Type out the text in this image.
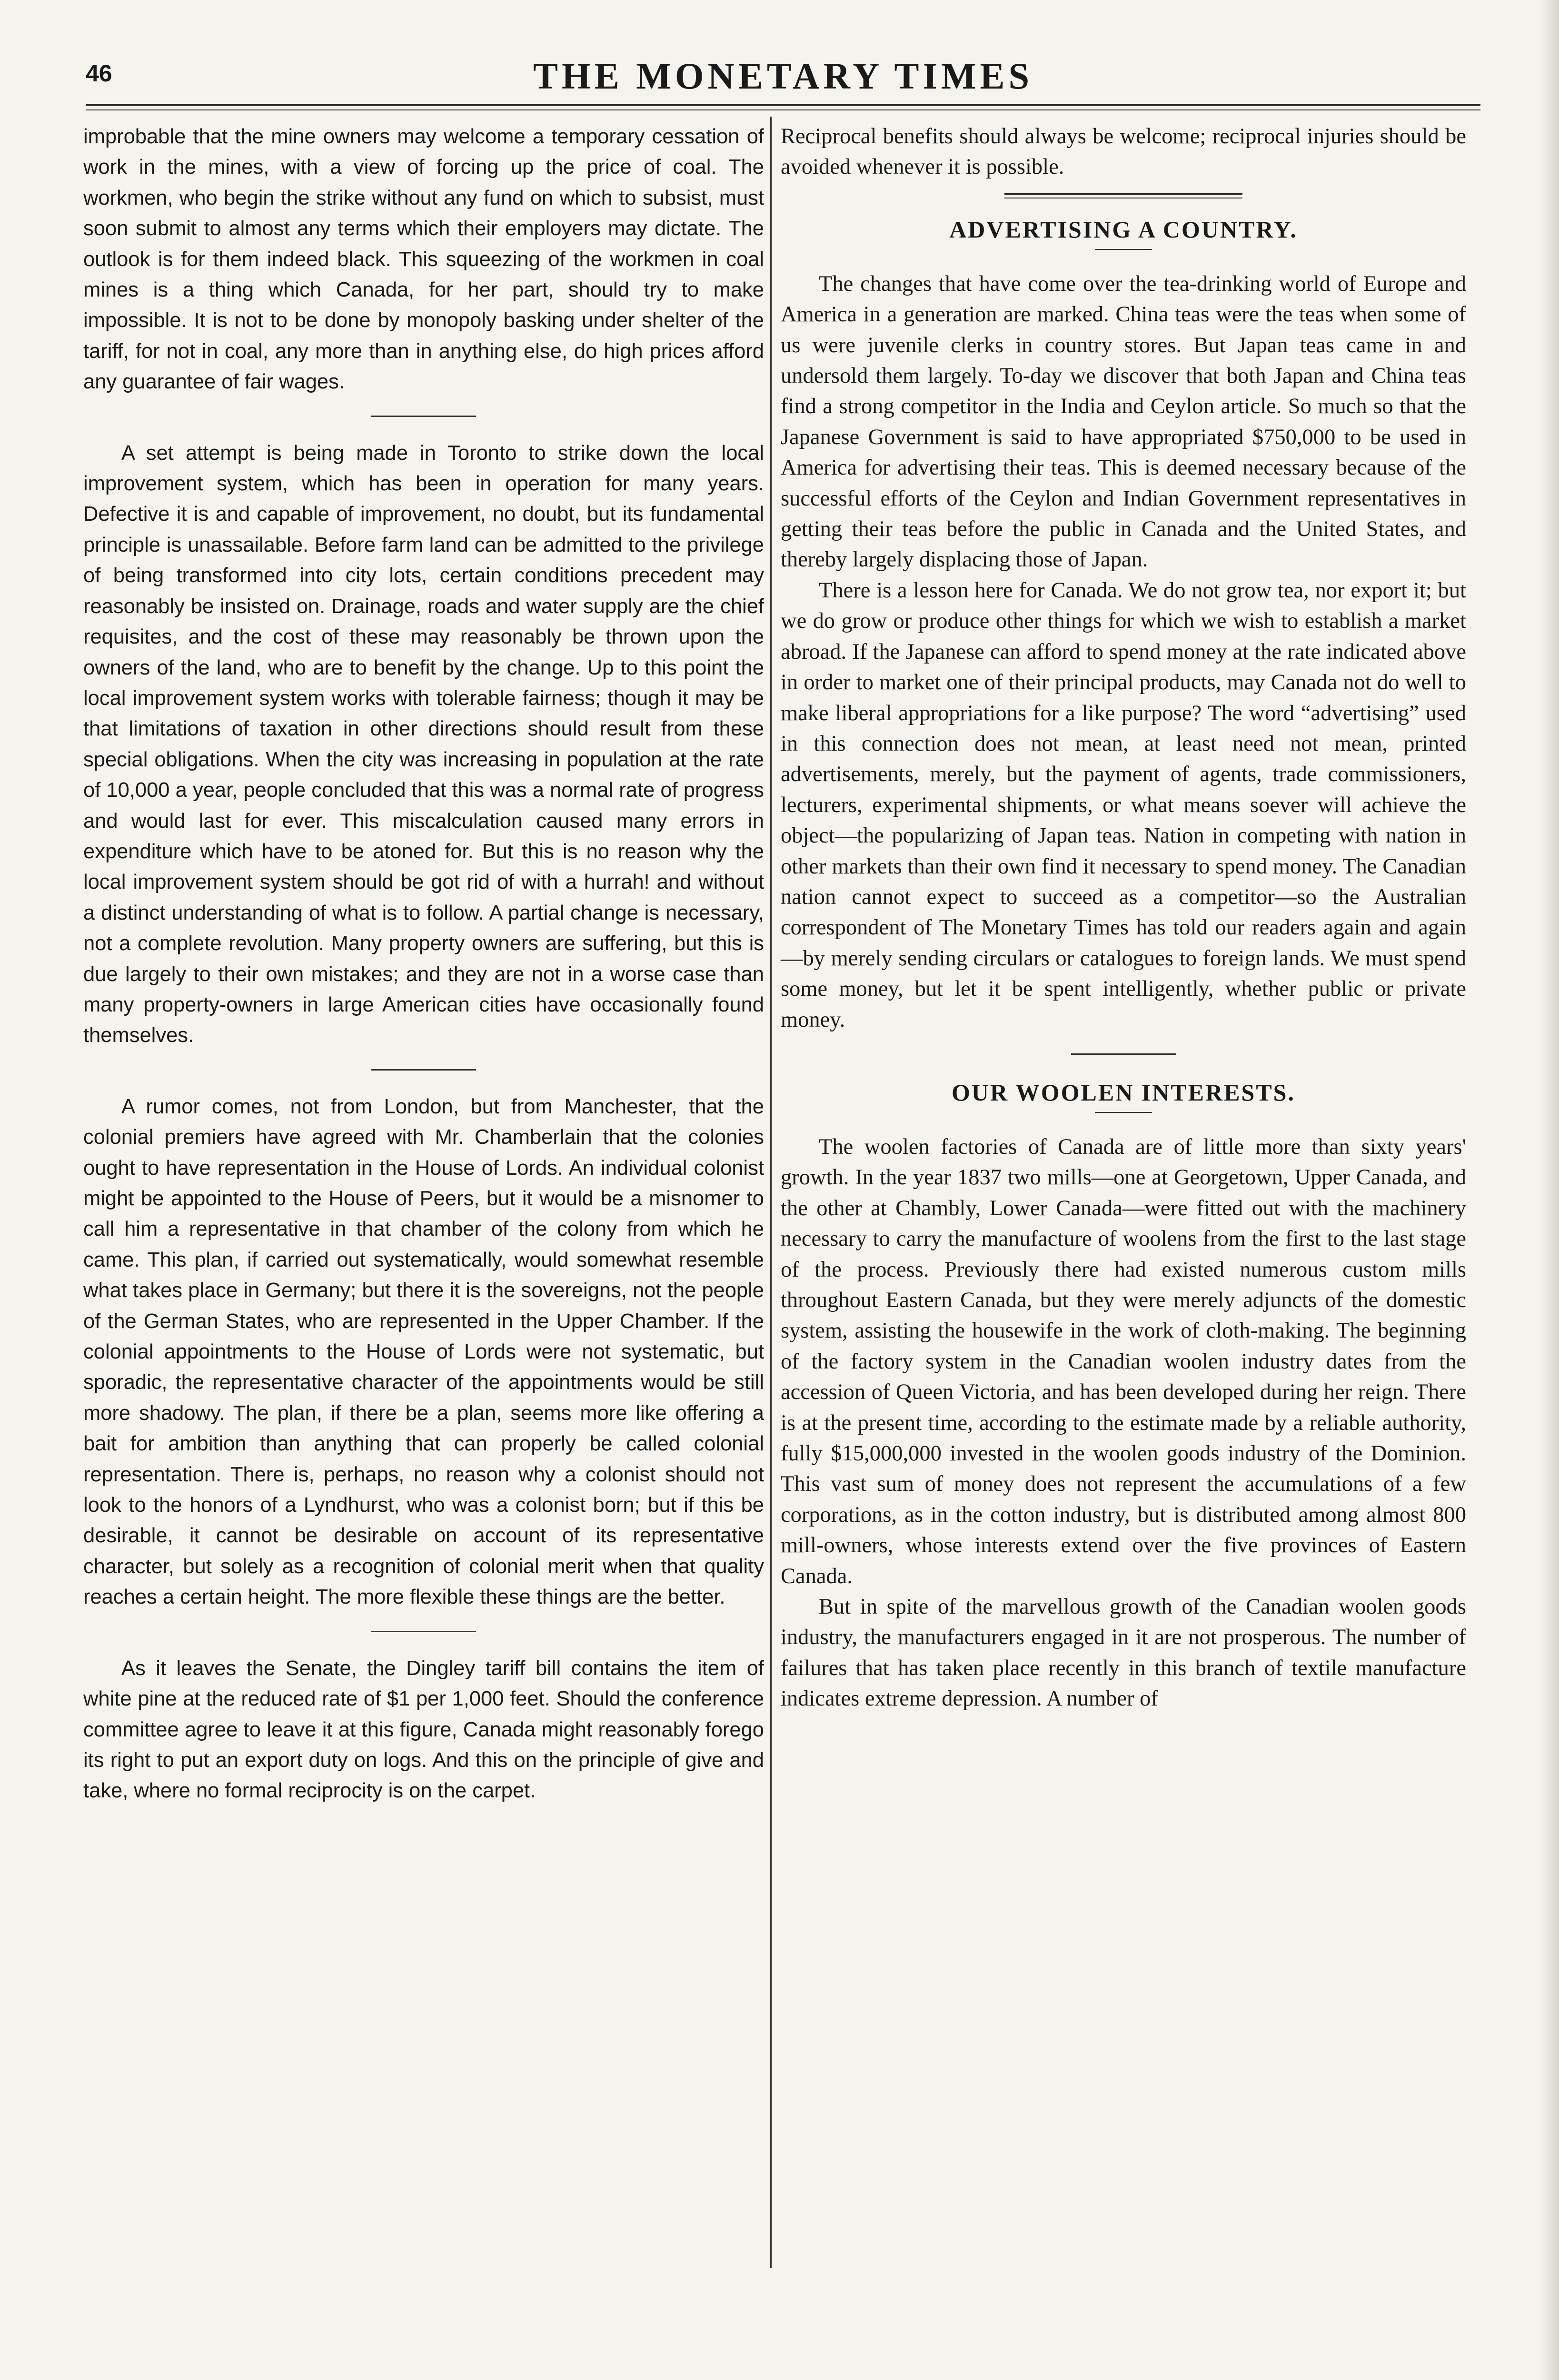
46	THE MONETARY TIMES

improbable that the mine owners may welcome a temporary cessation of work in the mines, with a view of forcing up the price of coal. The workmen, who begin the strike without any fund on which to subsist, must soon submit to almost any terms which their employers may dictate. The outlook is for them indeed black. This squeezing of the workmen in coal mines is a thing which Canada, for her part, should try to make impossible. It is not to be done by monopoly basking under shelter of the tariff, for not in coal, any more than in anything else, do high prices afford any guarantee of fair wages.

A set attempt is being made in Toronto to strike down the local improvement system, which has been in operation for many years. Defective it is and capable of improvement, no doubt, but its fundamental principle is unassailable. Before farm land can be admitted to the privilege of being transformed into city lots, certain conditions precedent may reasonably be insisted on. Drainage, roads and water supply are the chief requisites, and the cost of these may reasonably be thrown upon the owners of the land, who are to benefit by the change. Up to this point the local improvement system works with tolerable fairness; though it may be that limitations of taxation in other directions should result from these special obligations. When the city was increasing in population at the rate of 10,000 a year, people concluded that this was a normal rate of progress and would last for ever. This miscalculation caused many errors in expenditure which have to be atoned for. But this is no reason why the local improvement system should be got rid of with a hurrah! and without a distinct understanding of what is to follow. A partial change is necessary, not a complete revolution. Many property owners are suffering, but this is due largely to their own mistakes; and they are not in a worse case than many property-owners in large American cities have occasionally found themselves.

A rumor comes, not from London, but from Manchester, that the colonial premiers have agreed with Mr. Chamberlain that the colonies ought to have representation in the House of Lords. An individual colonist might be appointed to the House of Peers, but it would be a misnomer to call him a representative in that chamber of the colony from which he came. This plan, if carried out systematically, would somewhat resemble what takes place in Germany; but there it is the sovereigns, not the people of the German States, who are represented in the Upper Chamber. If the colonial appointments to the House of Lords were not systematic, but sporadic, the representative character of the appointments would be still more shadowy. The plan, if there be a plan, seems more like offering a bait for ambition than anything that can properly be called colonial representation. There is, perhaps, no reason why a colonist should not look to the honors of a Lyndhurst, who was a colonist born; but if this be desirable, it cannot be desirable on account of its representative character, but solely as a recognition of colonial merit when that quality reaches a certain height. The more flexible these things are the better.

As it leaves the Senate, the Dingley tariff bill contains the item of white pine at the reduced rate of $1 per 1,000 feet. Should the conference committee agree to leave it at this figure, Canada might reasonably forego its right to put an export duty on logs. And this on the principle of give and take, where no formal reciprocity is on the carpet.

Reciprocal benefits should always be welcome; reciprocal injuries should be avoided whenever it is possible.

ADVERTISING A COUNTRY.

The changes that have come over the tea-drinking world of Europe and America in a generation are marked. China teas were the teas when some of us were juvenile clerks in country stores. But Japan teas came in and undersold them largely. To-day we discover that both Japan and China teas find a strong competitor in the India and Ceylon article. So much so that the Japanese Government is said to have appropriated $750,000 to be used in America for advertising their teas. This is deemed necessary because of the successful efforts of the Ceylon and Indian Government representatives in getting their teas before the public in Canada and the United States, and thereby largely displacing those of Japan.

There is a lesson here for Canada. We do not grow tea, nor export it; but we do grow or produce other things for which we wish to establish a market abroad. If the Japanese can afford to spend money at the rate indicated above in order to market one of their principal products, may Canada not do well to make liberal appropriations for a like purpose? The word “advertising” used in this connection does not mean, at least need not mean, printed advertisements, merely, but the payment of agents, trade commissioners, lecturers, experimental shipments, or what means soever will achieve the object—the popularizing of Japan teas. Nation in competing with nation in other markets than their own find it necessary to spend money. The Canadian nation cannot expect to succeed as a competitor—so the Australian correspondent of The Monetary Times has told our readers again and again—by merely sending circulars or catalogues to foreign lands. We must spend some money, but let it be spent intelligently, whether public or private money.

OUR WOOLEN INTERESTS.

The woolen factories of Canada are of little more than sixty years' growth. In the year 1837 two mills—one at Georgetown, Upper Canada, and the other at Chambly, Lower Canada—were fitted out with the machinery necessary to carry the manufacture of woolens from the first to the last stage of the process. Previously there had existed numerous custom mills throughout Eastern Canada, but they were merely adjuncts of the domestic system, assisting the housewife in the work of cloth-making. The beginning of the factory system in the Canadian woolen industry dates from the accession of Queen Victoria, and has been developed during her reign. There is at the present time, according to the estimate made by a reliable authority, fully $15,000,000 invested in the woolen goods industry of the Dominion. This vast sum of money does not represent the accumulations of a few corporations, as in the cotton industry, but is distributed among almost 800 mill-owners, whose interests extend over the five provinces of Eastern Canada.

But in spite of the marvellous growth of the Canadian woolen goods industry, the manufacturers engaged in it are not prosperous. The number of failures that has taken place recently in this branch of textile manufacture indicates extreme depression. A number of
